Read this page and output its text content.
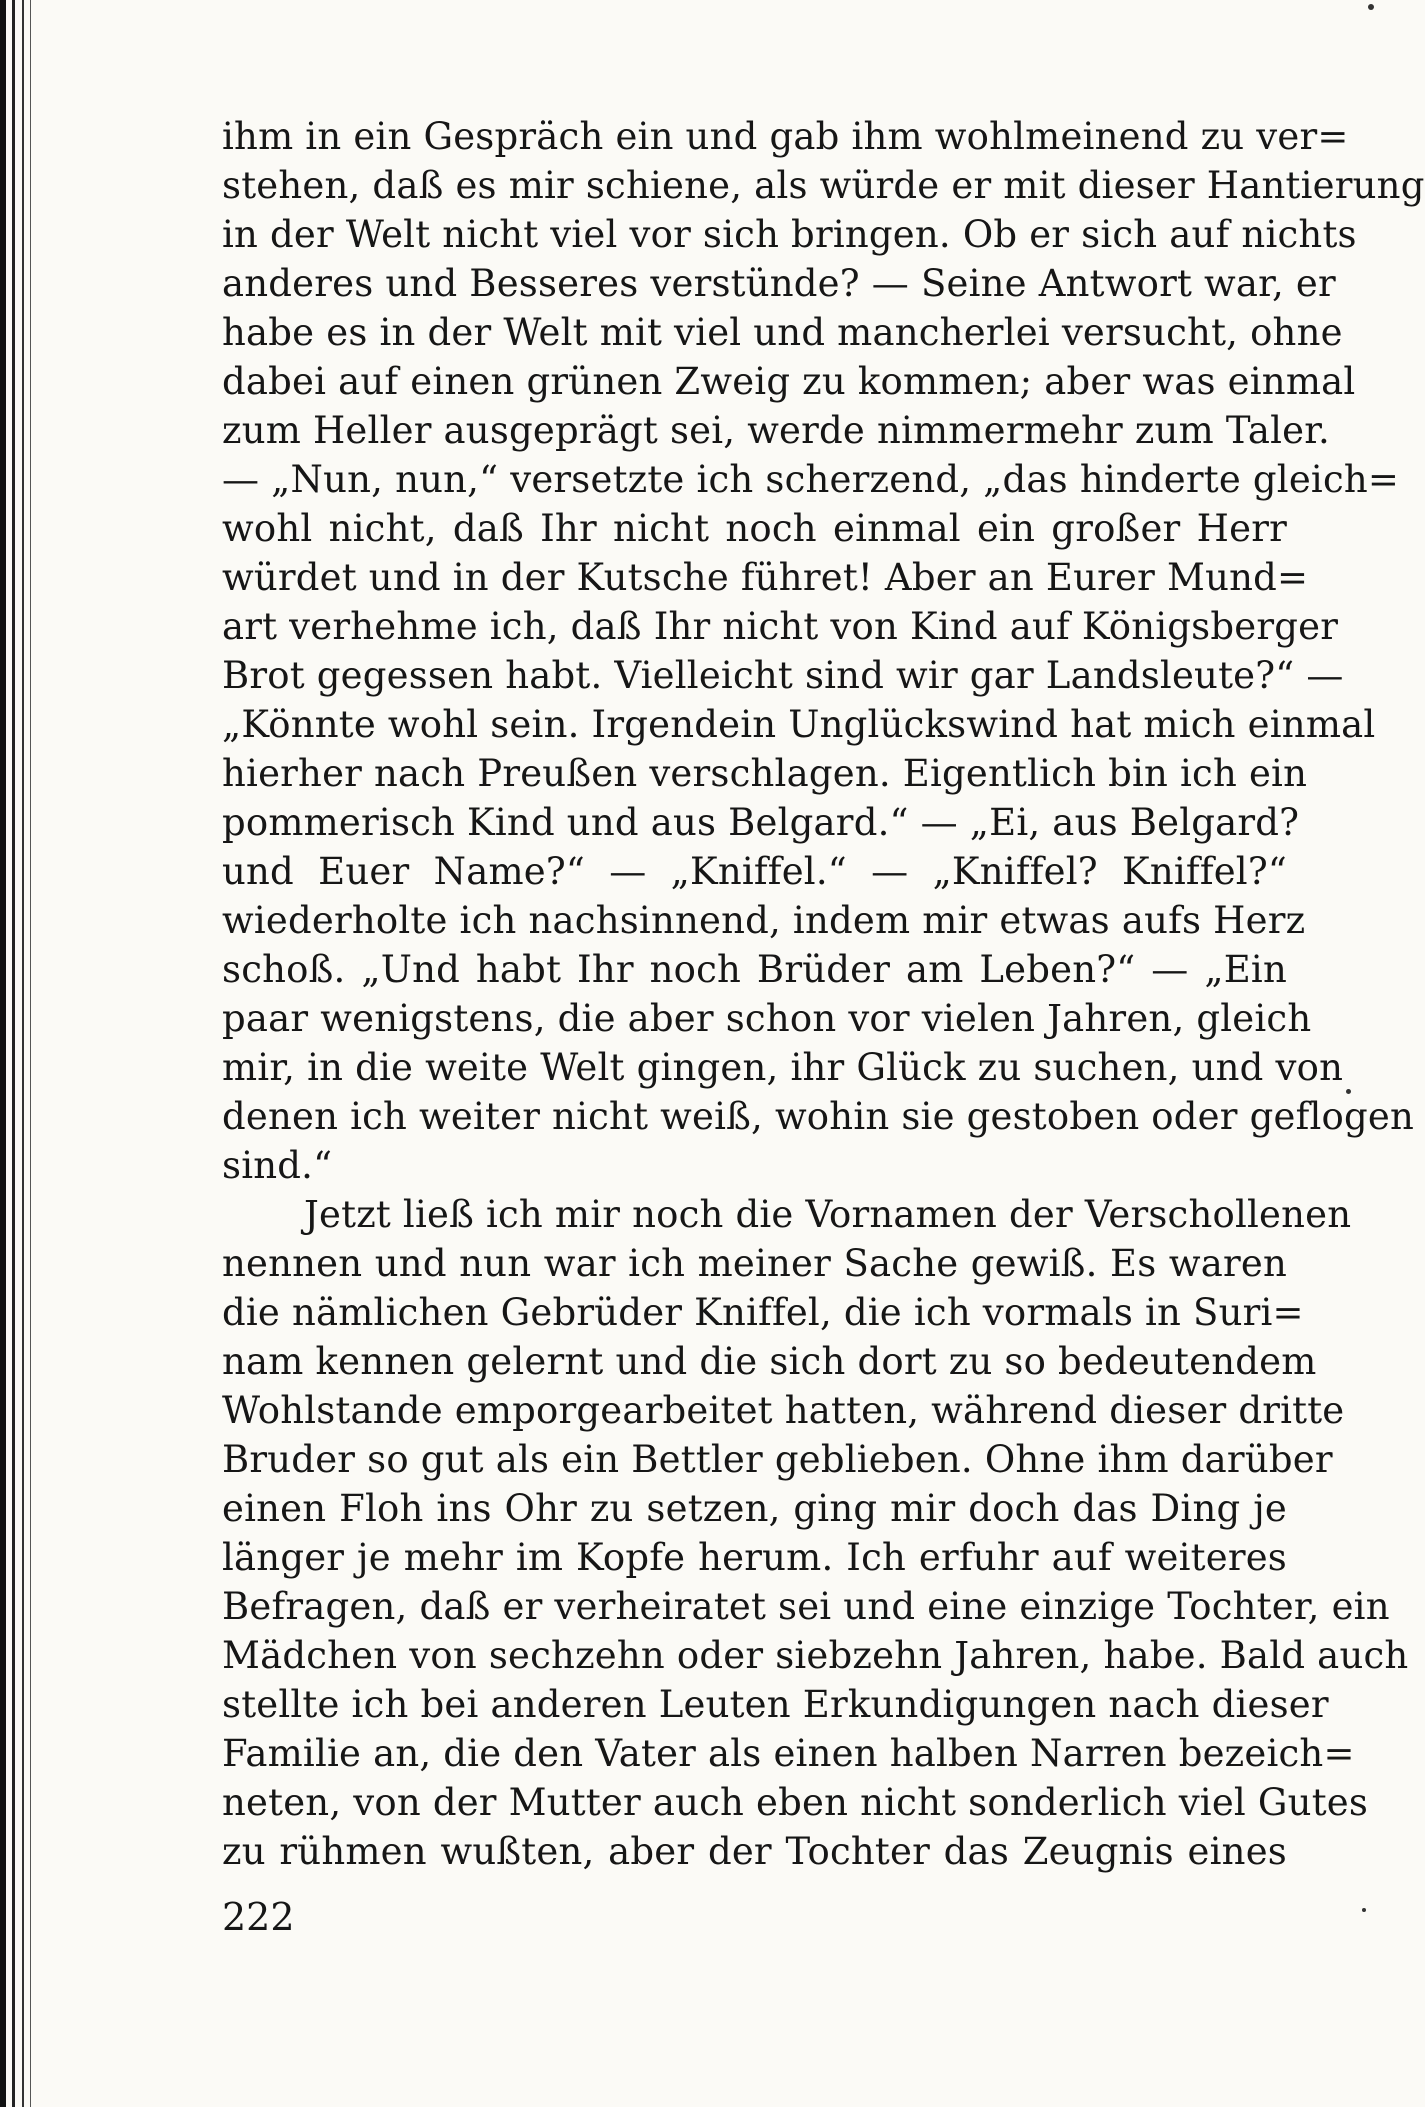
ihm in ein Gespräch ein und gab ihm wohlmeinend zu ver=
stehen, daß es mir schiene, als würde er mit dieser Hantierung
in der Welt nicht viel vor sich bringen. Ob er sich auf nichts
anderes und Besseres verstünde? — Seine Antwort war, er
habe es in der Welt mit viel und mancherlei versucht, ohne
dabei auf einen grünen Zweig zu kommen; aber was einmal
zum Heller ausgeprägt sei, werde nimmermehr zum Taler.
— „Nun, nun,“ versetzte ich scherzend, „das hinderte gleich=
wohl nicht, daß Ihr nicht noch einmal ein großer Herr
würdet und in der Kutsche führet! Aber an Eurer Mund=
art verhehme ich, daß Ihr nicht von Kind auf Königsberger
Brot gegessen habt. Vielleicht sind wir gar Landsleute?“ —
„Könnte wohl sein. Irgendein Unglückswind hat mich einmal
hierher nach Preußen verschlagen. Eigentlich bin ich ein
pommerisch Kind und aus Belgard.“ — „Ei, aus Belgard?
und Euer Name?“ — „Kniffel.“ — „Kniffel? Kniffel?“
wiederholte ich nachsinnend, indem mir etwas aufs Herz
schoß. „Und habt Ihr noch Brüder am Leben?“ — „Ein
paar wenigstens, die aber schon vor vielen Jahren, gleich
mir, in die weite Welt gingen, ihr Glück zu suchen, und von
denen ich weiter nicht weiß, wohin sie gestoben oder geflogen
sind.“
Jetzt ließ ich mir noch die Vornamen der Verschollenen
nennen und nun war ich meiner Sache gewiß. Es waren
die nämlichen Gebrüder Kniffel, die ich vormals in Suri=
nam kennen gelernt und die sich dort zu so bedeutendem
Wohlstande emporgearbeitet hatten, während dieser dritte
Bruder so gut als ein Bettler geblieben. Ohne ihm darüber
einen Floh ins Ohr zu setzen, ging mir doch das Ding je
länger je mehr im Kopfe herum. Ich erfuhr auf weiteres
Befragen, daß er verheiratet sei und eine einzige Tochter, ein
Mädchen von sechzehn oder siebzehn Jahren, habe. Bald auch
stellte ich bei anderen Leuten Erkundigungen nach dieser
Familie an, die den Vater als einen halben Narren bezeich=
neten, von der Mutter auch eben nicht sonderlich viel Gutes
zu rühmen wußten, aber der Tochter das Zeugnis eines
222
